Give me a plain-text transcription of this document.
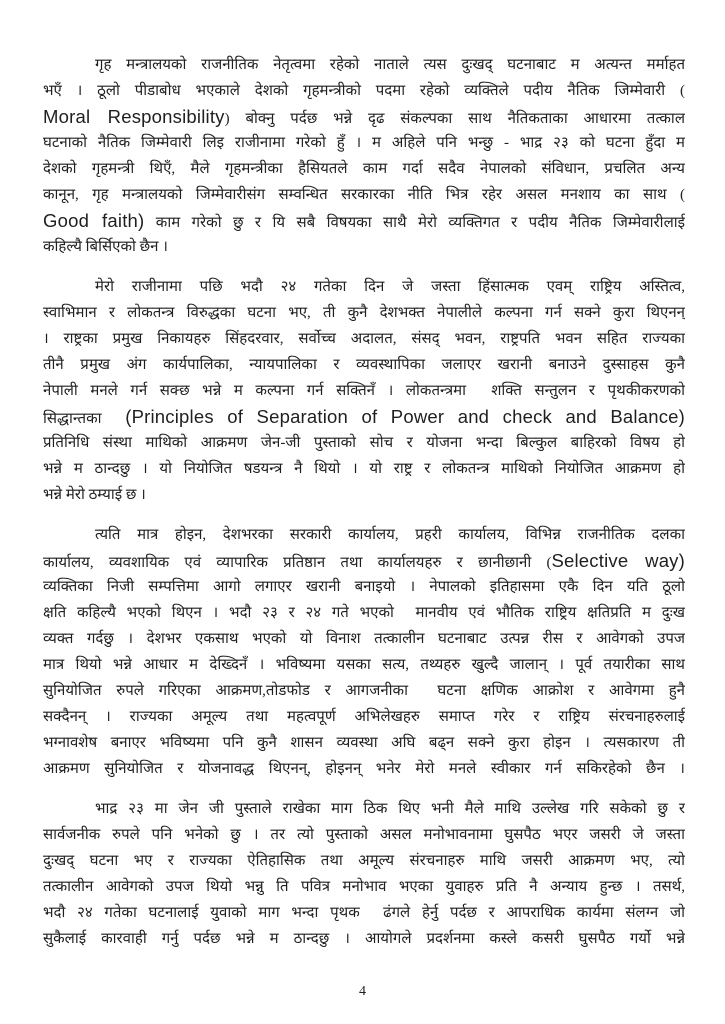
गृह मन्त्रालयको राजनीतिक नेतृत्वमा रहेको नाताले त्यस दुःखद् घटनाबाट म अत्यन्त मर्माहत
भएँ । ठूलो पीडाबोध भएकाले देशको गृहमन्त्रीको पदमा रहेको व्यक्तिले पदीय नैतिक जिम्मेवारी (
Moral Responsibility) बोक्नु पर्दछ भन्ने दृढ संकल्पका साथ नैतिकताका आधारमा तत्काल
घटनाको नैतिक जिम्मेवारी लिइ राजीनामा गरेको हुँ । म अहिले पनि भन्छु - भाद्र २३ को घटना हुँदा म
देशको गृहमन्त्री थिएँ, मैले गृहमन्त्रीका हैसियतले काम गर्दा सदैव नेपालको संविधान, प्रचलित अन्य
कानून, गृह मन्त्रालयको जिम्मेवारीसंग सम्वन्धित सरकारका नीति भित्र रहेर असल मनशाय का साथ (
Good faith) काम गरेको छु र यि सबै विषयका साथै मेरो व्यक्तिगत र पदीय नैतिक जिम्मेवारीलाई
कहिल्यै बिर्सिएको छैन ।
मेरो राजीनामा पछि भदौ २४ गतेका दिन जे जस्ता हिंसात्मक एवम् राष्ट्रिय अस्तित्व,
स्वाभिमान र लोकतन्त्र विरुद्धका घटना भए, ती कुनै देशभक्त नेपालीले कल्पना गर्न सक्ने कुरा थिएनन्
। राष्ट्रका प्रमुख निकायहरु सिंहदरवार, सर्वोच्च अदालत, संसद् भवन, राष्ट्रपति भवन सहित राज्यका
तीनै प्रमुख अंग कार्यपालिका, न्यायपालिका र व्यवस्थापिका जलाएर खरानी बनाउने दुस्साहस कुनै
नेपाली मनले गर्न सक्छ भन्ने म कल्पना गर्न सक्तिनँ । लोकतन्त्रमा  शक्ति सन्तुलन र पृथकीकरणको
सिद्धान्तका  (Principles of Separation of Power and check and Balance)
प्रतिनिधि संस्था माथिको आक्रमण जेन-जी पुस्ताको सोच र योजना भन्दा बिल्कुल बाहिरको विषय हो
भन्ने म ठान्दछु । यो नियोजित षडयन्त्र नै थियो । यो राष्ट्र र लोकतन्त्र माथिको नियोजित आक्रमण हो
भन्ने मेरो ठम्याई छ ।
त्यति मात्र होइन, देशभरका सरकारी कार्यालय, प्रहरी कार्यालय, विभिन्न राजनीतिक दलका
कार्यालय, व्यवशायिक एवं व्यापारिक प्रतिष्ठान तथा कार्यालयहरु र छानीछानी (Selective way)
व्यक्तिका निजी सम्पत्तिमा आगो लगाएर खरानी बनाइयो । नेपालको इतिहासमा एकै दिन यति ठूलो
क्षति कहिल्यै भएको थिएन । भदौ २३ र २४ गते भएको  मानवीय एवं भौतिक राष्ट्रिय क्षतिप्रति म दुःख
व्यक्त गर्दछु । देशभर एकसाथ भएको यो विनाश तत्कालीन घटनाबाट उत्पन्न रीस र आवेगको उपज
मात्र थियो भन्ने आधार म देख्दिनँ । भविष्यमा यसका सत्य, तथ्यहरु खुल्दै जालान् । पूर्व तयारीका साथ
सुनियोजित रुपले गरिएका आक्रमण,तोडफोड र आगजनीका  घटना क्षणिक आक्रोश र आवेगमा हुनै
सक्दैनन् । राज्यका अमूल्य तथा महत्वपूर्ण अभिलेखहरु समाप्त गरेर र राष्ट्रिय संरचनाहरुलाई
भग्नावशेष बनाएर भविष्यमा पनि कुनै शासन व्यवस्था अघि बढ्न सक्ने कुरा होइन । त्यसकारण ती
आक्रमण सुनियोजित र योजनावद्ध थिएनन्, होइनन् भनेर मेरो मनले स्वीकार गर्न सकिरहेको छैन ।
भाद्र २३ मा जेन जी पुस्ताले राखेका माग ठिक थिए भनी मैले माथि उल्लेख गरि सकेको छु र
सार्वजनीक रुपले पनि भनेको छु । तर त्यो पुस्ताको असल मनोभावनामा घुसपैठ भएर जसरी जे जस्ता
दुःखद् घटना भए र राज्यका ऐतिहासिक तथा अमूल्य संरचनाहरु माथि जसरी आक्रमण भए, त्यो
तत्कालीन आवेगको उपज थियो भन्नु ति पवित्र मनोभाव भएका युवाहरु प्रति नै अन्याय हुन्छ । तसर्थ,
भदौ २४ गतेका घटनालाई युवाको माग भन्दा पृथक  ढंगले हेर्नु पर्दछ र आपराधिक कार्यमा संलग्न जो
सुकैलाई कारवाही गर्नु पर्दछ भन्ने म ठान्दछु । आयोगले प्रदर्शनमा कस्ले कसरी घुसपैठ गर्यो भन्ने
4
